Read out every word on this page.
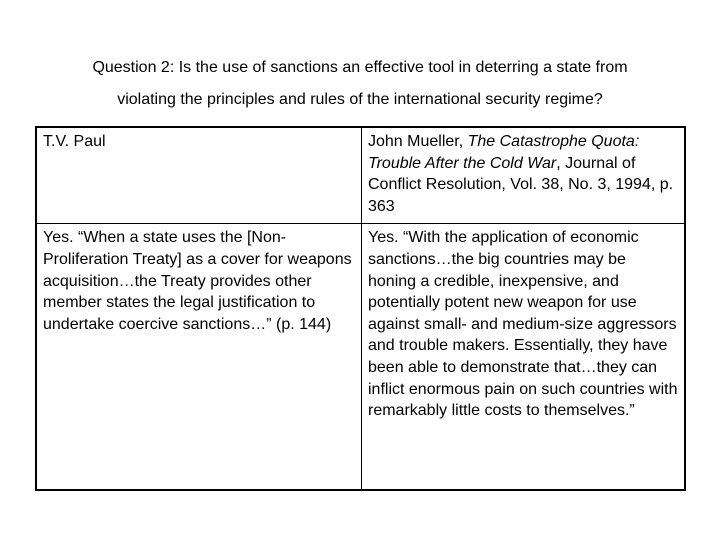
Question 2: Is the use of sanctions an effective tool in deterring a state from
violating the principles and rules of the international security regime?
T.V. Paul	John Mueller, The Catastrophe Quota: Trouble After the Cold War, Journal of Conflict Resolution, Vol. 38, No. 3, 1994, p. 363
Yes. “When a state uses the [Non-Proliferation Treaty] as a cover for weapons acquisition…the Treaty provides other member states the legal justification to undertake coercive sanctions…” (p. 144)	Yes. “With the application of economic sanctions…the big countries may be honing a credible, inexpensive, and potentially potent new weapon for use against small- and medium-size aggressors and trouble makers. Essentially, they have been able to demonstrate that…they can inflict enormous pain on such countries with remarkably little costs to themselves.”
